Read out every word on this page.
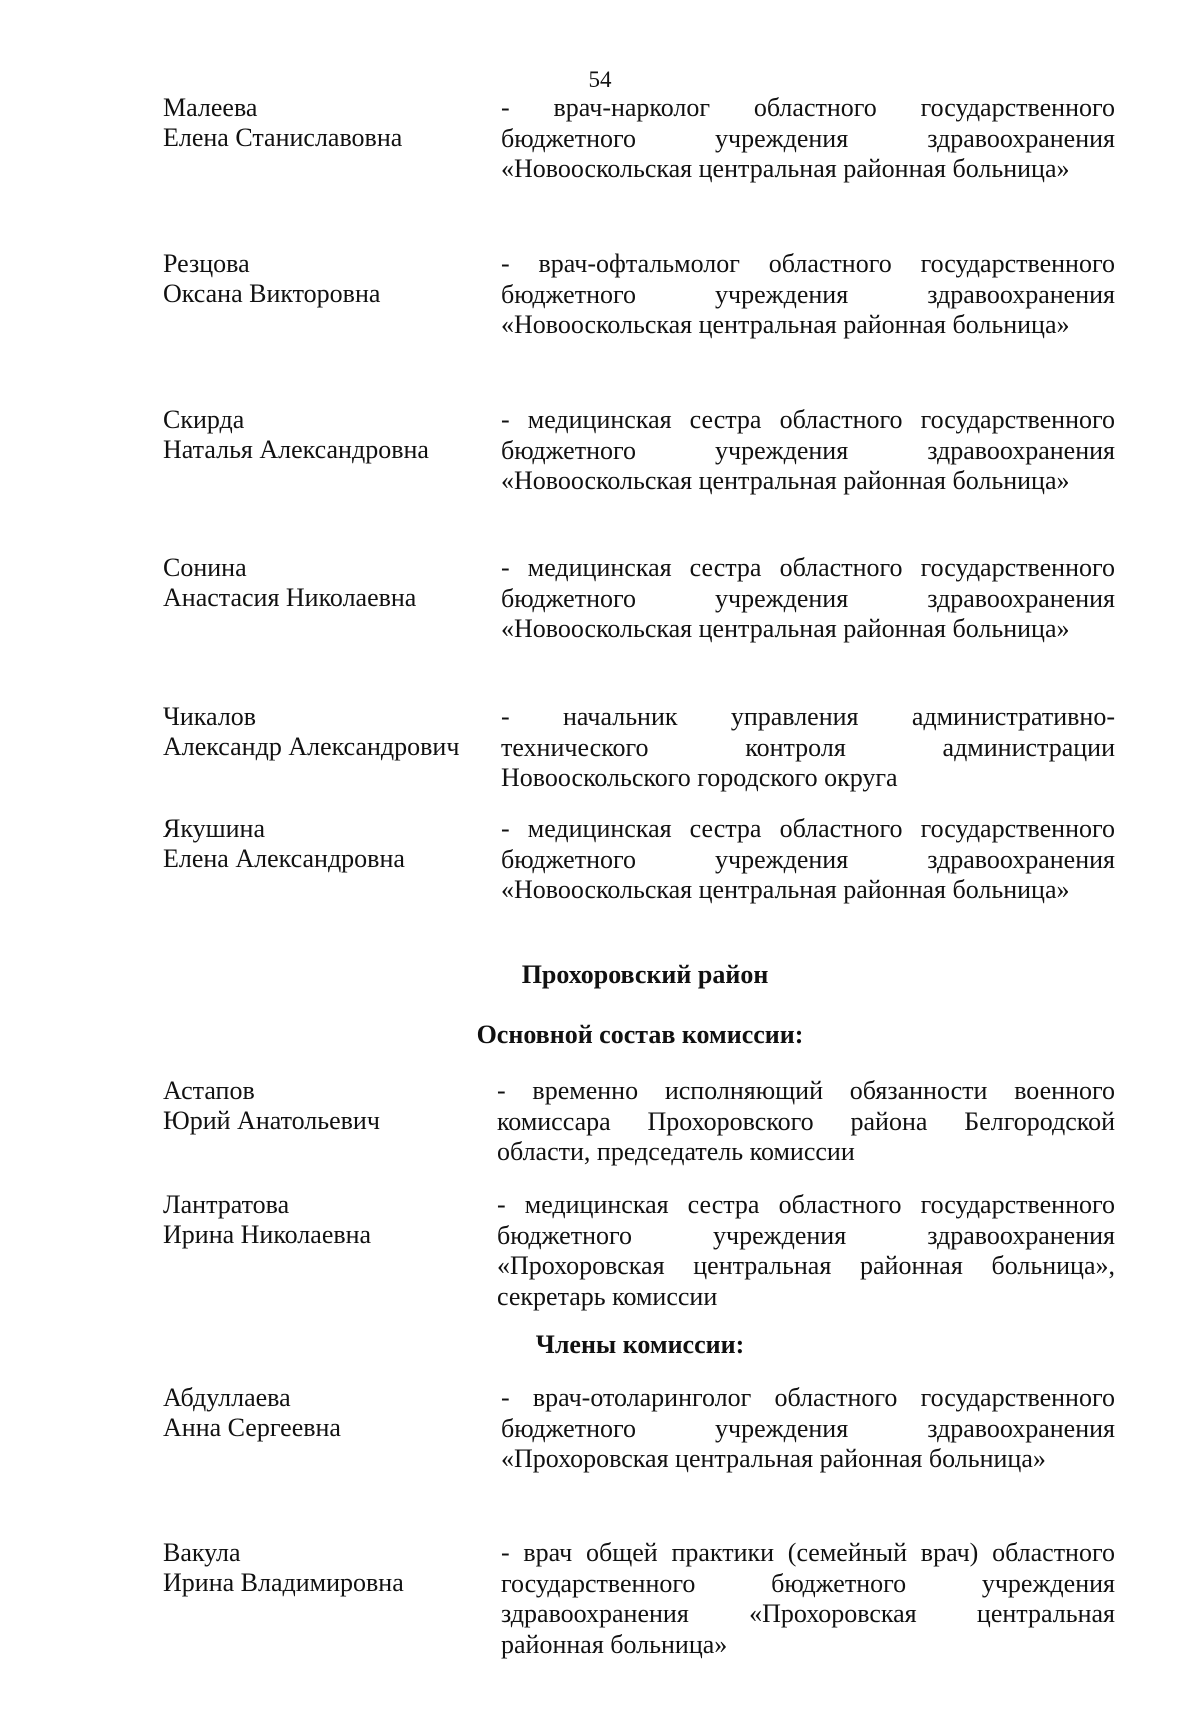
54
Малеева
Елена Станиславовна
- врач-нарколог областного государственного бюджетного учреждения здравоохранения «Новооскольская центральная районная больница»
Резцова
Оксана Викторовна
- врач-офтальмолог областного государственного бюджетного учреждения здравоохранения «Новооскольская центральная районная больница»
Скирда
Наталья Александровна
- медицинская сестра областного государственного бюджетного учреждения здравоохранения «Новооскольская центральная районная больница»
Сонина
Анастасия Николаевна
- медицинская сестра областного государственного бюджетного учреждения здравоохранения «Новооскольская центральная районная больница»
Чикалов
Александр Александрович
- начальник управления административно-технического контроля администрации Новооскольского городского округа
Якушина
Елена Александровна
- медицинская сестра областного государственного бюджетного учреждения здравоохранения «Новооскольская центральная районная больница»
Прохоровский район
Основной состав комиссии:
Астапов
Юрий Анатольевич
- временно исполняющий обязанности военного комиссара Прохоровского района Белгородской области, председатель комиссии
Лантратова
Ирина Николаевна
- медицинская сестра областного государственного бюджетного учреждения здравоохранения «Прохоровская центральная районная больница», секретарь комиссии
Члены комиссии:
Абдуллаева
Анна Сергеевна
- врач-отоларинголог областного государственного бюджетного учреждения здравоохранения «Прохоровская центральная районная больница»
Вакула
Ирина Владимировна
- врач общей практики (семейный врач) областного государственного бюджетного учреждения здравоохранения «Прохоровская центральная районная больница»
